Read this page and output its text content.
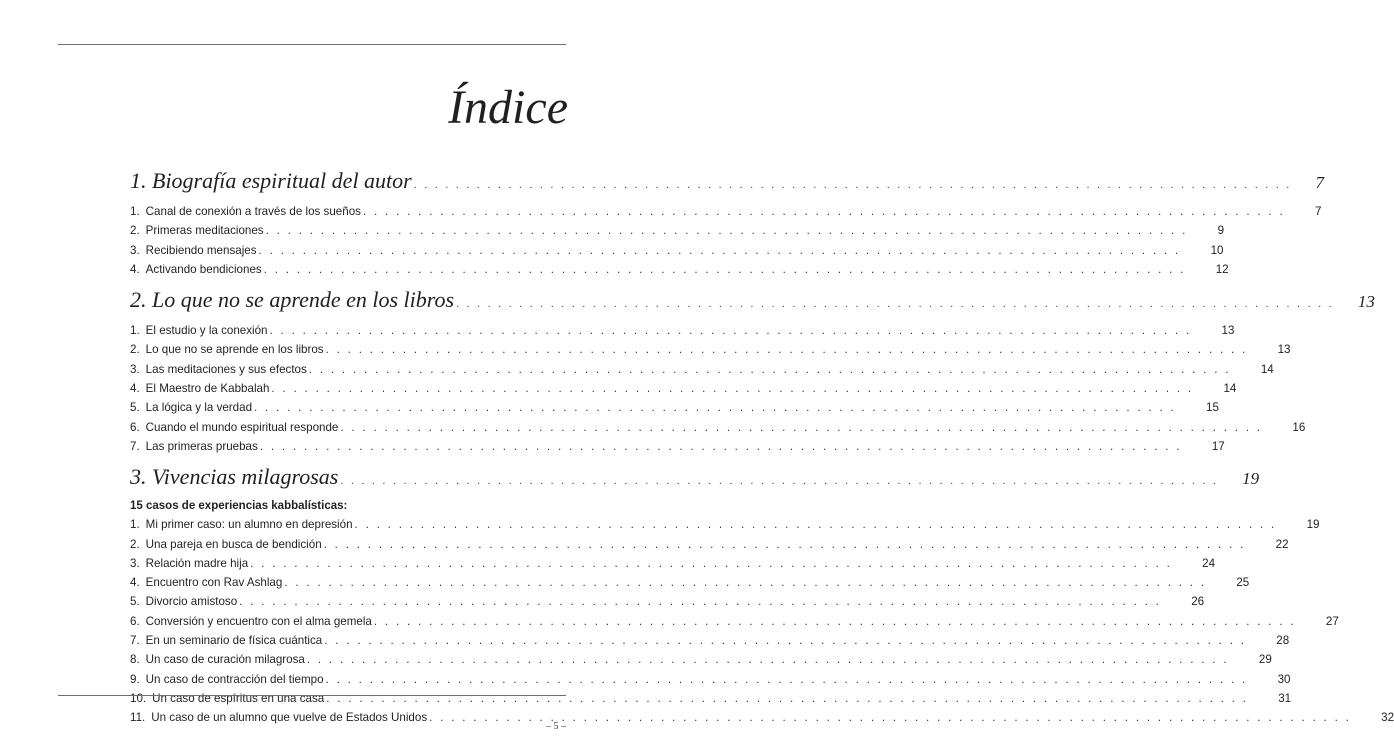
Índice
1. Biografía espiritual del autor . . . . . . . . . . . . . . . . . . . . . . . . . . . . . . . . . . . . . . . . . . . . . . . . . . . . . . . . . . . . . . . . . . . . . . . . . . . . . . . . . . . .	7
1. Canal de conexión a través de los sueños . . . . . . . . . . . . . . . . . . . . . . . . . . . . . . . . . . . . . . . . . . . . . . . . . . . . . . . . . . . . . . . . . . . . . . . . . . . . . . . . . . . .	7
2. Primeras meditaciones . . . . . . . . . . . . . . . . . . . . . . . . . . . . . . . . . . . . . . . . . . . . . . . . . . . . . . . . . . . . . . . . . . . . . . . . . . . . . . . . . . . .	9
3. Recibiendo mensajes . . . . . . . . . . . . . . . . . . . . . . . . . . . . . . . . . . . . . . . . . . . . . . . . . . . . . . . . . . . . . . . . . . . . . . . . . . . . . . . . . . . .	10
4. Activando bendiciones . . . . . . . . . . . . . . . . . . . . . . . . . . . . . . . . . . . . . . . . . . . . . . . . . . . . . . . . . . . . . . . . . . . . . . . . . . . . . . . . . . . .	12
2. Lo que no se aprende en los libros . . . . . . . . . . . . . . . . . . . . . . . . . . . . . . . . . . . . . . . . . . . . . . . . . . . . . . . . . . . . . . . . . . . . . . . . . . . . . . . . . . . .	13
1. El estudio y la conexión . . . . . . . . . . . . . . . . . . . . . . . . . . . . . . . . . . . . . . . . . . . . . . . . . . . . . . . . . . . . . . . . . . . . . . . . . . . . . . . . . . . .	13
2. Lo que no se aprende en los libros . . . . . . . . . . . . . . . . . . . . . . . . . . . . . . . . . . . . . . . . . . . . . . . . . . . . . . . . . . . . . . . . . . . . . . . . . . . . . . . . . . . .	13
3. Las meditaciones y sus efectos . . . . . . . . . . . . . . . . . . . . . . . . . . . . . . . . . . . . . . . . . . . . . . . . . . . . . . . . . . . . . . . . . . . . . . . . . . . . . . . . . . . .	14
4. El Maestro de Kabbalah . . . . . . . . . . . . . . . . . . . . . . . . . . . . . . . . . . . . . . . . . . . . . . . . . . . . . . . . . . . . . . . . . . . . . . . . . . . . . . . . . . . .	14
5. La lógica y la verdad . . . . . . . . . . . . . . . . . . . . . . . . . . . . . . . . . . . . . . . . . . . . . . . . . . . . . . . . . . . . . . . . . . . . . . . . . . . . . . . . . . . .	15
6. Cuando el mundo espiritual responde . . . . . . . . . . . . . . . . . . . . . . . . . . . . . . . . . . . . . . . . . . . . . . . . . . . . . . . . . . . . . . . . . . . . . . . . . . . . . . . . . . . .	16
7. Las primeras pruebas . . . . . . . . . . . . . . . . . . . . . . . . . . . . . . . . . . . . . . . . . . . . . . . . . . . . . . . . . . . . . . . . . . . . . . . . . . . . . . . . . . . .	17
3. Vivencias milagrosas . . . . . . . . . . . . . . . . . . . . . . . . . . . . . . . . . . . . . . . . . . . . . . . . . . . . . . . . . . . . . . . . . . . . . . . . . . . . . . . . . . . .	19
15 casos de experiencias kabbalísticas:
1. Mi primer caso: un alumno en depresión . . . . . . . . . . . . . . . . . . . . . . . . . . . . . . . . . . . . . . . . . . . . . . . . . . . . . . . . . . . . . . . . . . . . . . . . . . . . . . . . . . . .	19
2. Una pareja en busca de bendición . . . . . . . . . . . . . . . . . . . . . . . . . . . . . . . . . . . . . . . . . . . . . . . . . . . . . . . . . . . . . . . . . . . . . . . . . . . . . . . . . . . .	22
3. Relación madre hija . . . . . . . . . . . . . . . . . . . . . . . . . . . . . . . . . . . . . . . . . . . . . . . . . . . . . . . . . . . . . . . . . . . . . . . . . . . . . . . . . . . .	24
4. Encuentro con Rav Ashlag . . . . . . . . . . . . . . . . . . . . . . . . . . . . . . . . . . . . . . . . . . . . . . . . . . . . . . . . . . . . . . . . . . . . . . . . . . . . . . . . . . . .	25
5. Divorcio amistoso . . . . . . . . . . . . . . . . . . . . . . . . . . . . . . . . . . . . . . . . . . . . . . . . . . . . . . . . . . . . . . . . . . . . . . . . . . . . . . . . . . . .	26
6. Conversión y encuentro con el alma gemela . . . . . . . . . . . . . . . . . . . . . . . . . . . . . . . . . . . . . . . . . . . . . . . . . . . . . . . . . . . . . . . . . . . . . . . . . . . . . . . . . . . .	27
7. En un seminario de física cuántica . . . . . . . . . . . . . . . . . . . . . . . . . . . . . . . . . . . . . . . . . . . . . . . . . . . . . . . . . . . . . . . . . . . . . . . . . . . . . . . . . . . .	28
8. Un caso de curación milagrosa . . . . . . . . . . . . . . . . . . . . . . . . . . . . . . . . . . . . . . . . . . . . . . . . . . . . . . . . . . . . . . . . . . . . . . . . . . . . . . . . . . . .	29
9. Un caso de contracción del tiempo . . . . . . . . . . . . . . . . . . . . . . . . . . . . . . . . . . . . . . . . . . . . . . . . . . . . . . . . . . . . . . . . . . . . . . . . . . . . . . . . . . . .	30
10. Un caso de espíritus en una casa . . . . . . . . . . . . . . . . . . . . . . . . . . . . . . . . . . . . . . . . . . . . . . . . . . . . . . . . . . . . . . . . . . . . . . . . . . . . . . . . . . . .	31
11. Un caso de un alumno que vuelve de Estados Unidos . . . . . . . . . . . . . . . . . . . . . . . . . . . . . . . . . . . . . . . . . . . . . . . . . . . . . . . . . . . . . . . . . . . . . . . . . . . . . . . . . . . .	32
– 5 –
